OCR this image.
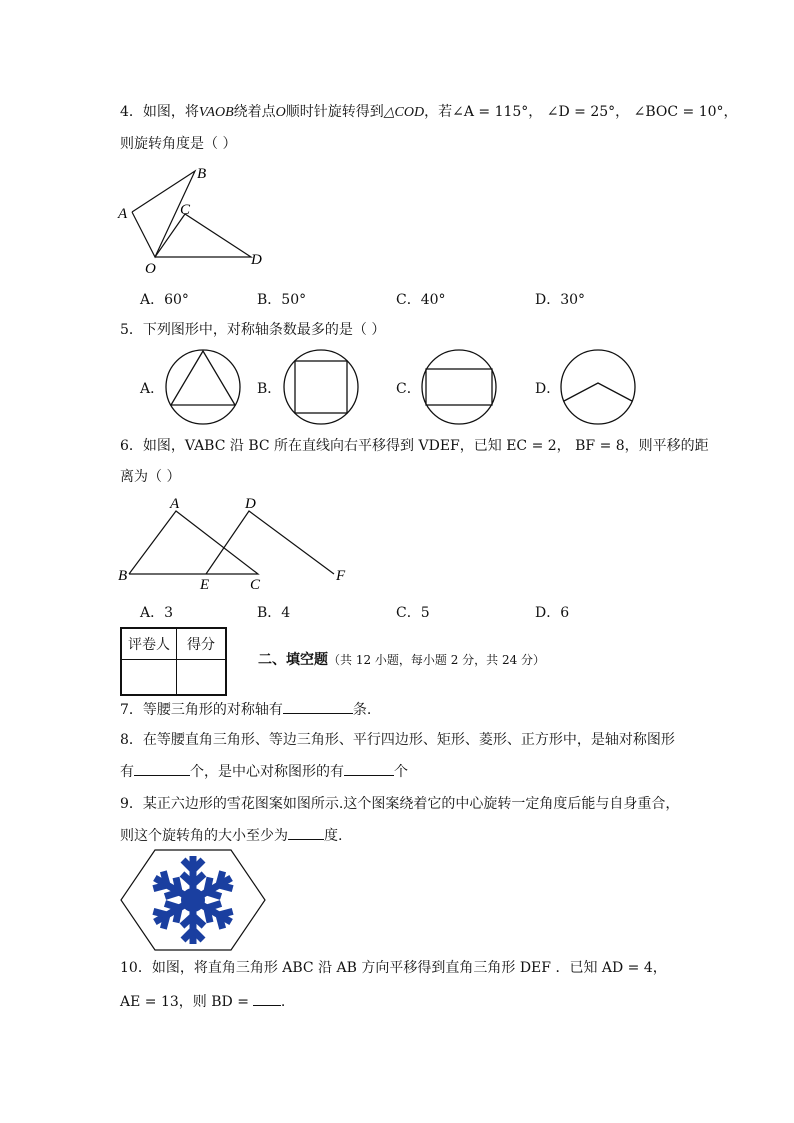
4．如图，将VAOB绕着点O顺时针旋转得到△COD，若∠A = 115°， ∠D = 25°， ∠BOC = 10°，
则旋转角度是（ ）
A
B
C
D
O
A．60°	B．50°	C．40°	D．30°
5．下列图形中，对称轴条数最多的是（ ）
A．	B．	C．	D．
6．如图，VABC 沿 BC 所在直线向右平移得到 VDEF，已知 EC = 2， BF = 8，则平移的距
离为（ ）
A
B
C
D
E
F
A．3	B．4	C．5	D．6
评卷人	得分

二、填空题（共 12 小题，每小题 2 分，共 24 分）
7．等腰三角形的对称轴有	条.
8．在等腰直角三角形、等边三角形、平行四边形、矩形、菱形、正方形中，是轴对称图形
有	个，是中心对称图形的有	个
9．某正六边形的雪花图案如图所示.这个图案绕着它的中心旋转一定角度后能与自身重合，
则这个旋转角的大小至少为	度.
10．如图，将直角三角形 ABC 沿 AB 方向平移得到直角三角形 DEF ．已知 AD = 4，
AE = 13，则 BD = .
